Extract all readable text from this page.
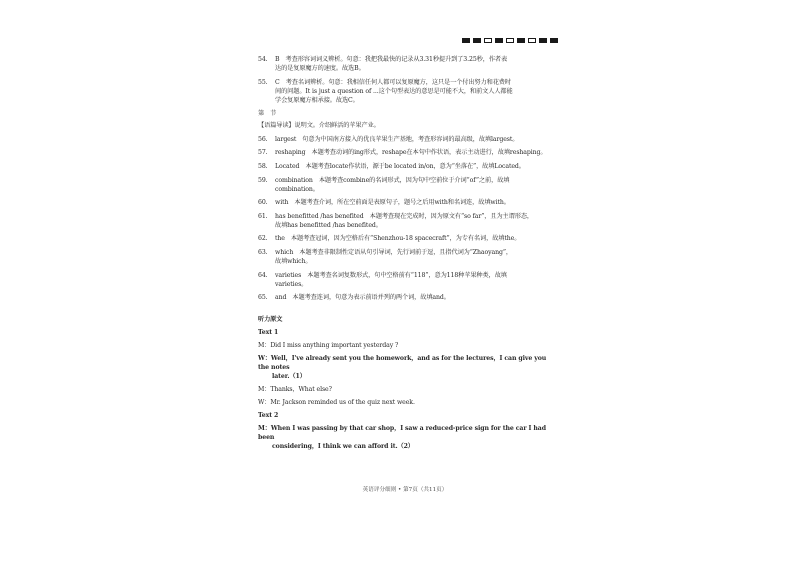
54.	B　考查形容词词义辨析。句意：我把我最快的记录从3.31秒提升到了3.25秒，作者表
达的是复原魔方的速度。故选B。
55.	C　考查名词辨析。句意：我相信任何人都可以复原魔方，这只是一个付出努力和花费时
间的问题。It is just a question of ...这个句型表达的意思是可能不大，和前文人人都能
学会复原魔方相承接。故选C。
第　节
【语篇导读】说明文。介绍鲜活的苹果产业。
56.	largest　句意为中国南方接入的优良苹果生产基地，考查形容词的最高级，故填largest。
57.	reshaping　本题考查动词的ing形式，reshape在本句中作状语，表示主动进行，故填reshaping。
58.	Located　本题考查locate作状语，源于be located in/on，意为“坐落在”，故填Located。
59.	combination　本题考查combine的名词形式，因为句中空前位于介词“of”之前，故填
combination。
60.	with　本题考查介词，所在空前面是表原句子，题号之后用with和名词连，故填with。
61.	has benefitted /has benefited　本题考查现在完成时，因为原文有“so far”，且为主谓形态，
故填has benefitted /has benefited。
62.	the　本题考查冠词，因为空格后有“Shenzhou-18 spacecraft”，为专有名词，故填the。
63.	which　本题考查非限制性定语从句引导词，先行词前于逗，且指代词为“Zhaoyang”，
故填which。
64.	varieties　本题考查名词复数形式，句中空格前有“118”，意为118种苹果种类，故填
varieties。
65.	and　本题考查连词，句意为表示前语并列的两个词，故填and。
听力原文
Text 1
M：Did I miss anything important yesterday ?
W：Well，I've already sent you the homework，and as for the lectures，I can give you the notes
later.（1）
M：Thanks，What else?
W：Mr. Jackson reminded us of the quiz next week.
Text 2
M：When I was passing by that car shop，I saw a reduced-price sign for the car I had been
considering，I think we can afford it.（2）
英语评分细则 • 第7页（共11页）
